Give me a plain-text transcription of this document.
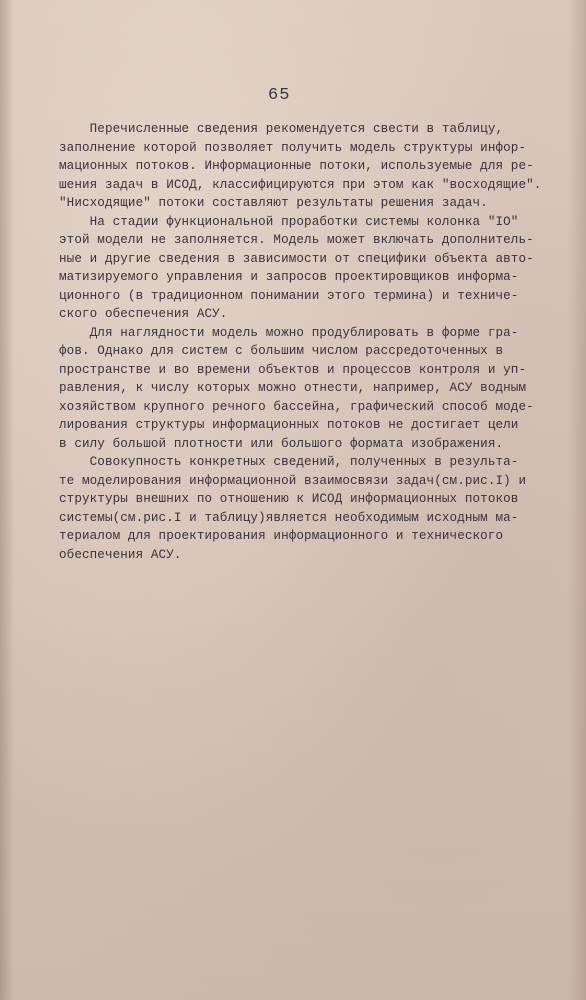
65
Перечисленные сведения рекомендуется свести в таблицу,
заполнение которой позволяет получить модель структуры инфор-
мационных потоков. Информационные потоки, используемые для ре-
шения задач в ИСОД, классифицируются при этом как "восходящие".
"Нисходящие" потоки составляют результаты решения задач.
На стадии функциональной проработки системы колонка "IО"
этой модели не заполняется. Модель может включать дополнитель-
ные и другие сведения в зависимости от специфики объекта авто-
матизируемого управления и запросов проектировщиков информа-
ционного (в традиционном понимании этого термина) и техниче-
ского обеспечения АСУ.
Для наглядности модель можно продублировать в форме гра-
фов. Однако для систем с большим числом рассредоточенных в
пространстве и во времени объектов и процессов контроля и уп-
равления, к числу которых можно отнести, например, АСУ водным
хозяйством крупного речного бассейна, графический способ моде-
лирования структуры информационных потоков не достигает цели
в силу большой плотности или большого формата изображения.
Совокупность конкретных сведений, полученных в результа-
те моделирования информационной взаимосвязи задач(см.рис.I) и
структуры внешних по отношению к ИСОД информационных потоков
системы(см.рис.I и таблицу)является необходимым исходным ма-
териалом для проектирования информационного и технического
обеспечения АСУ.
